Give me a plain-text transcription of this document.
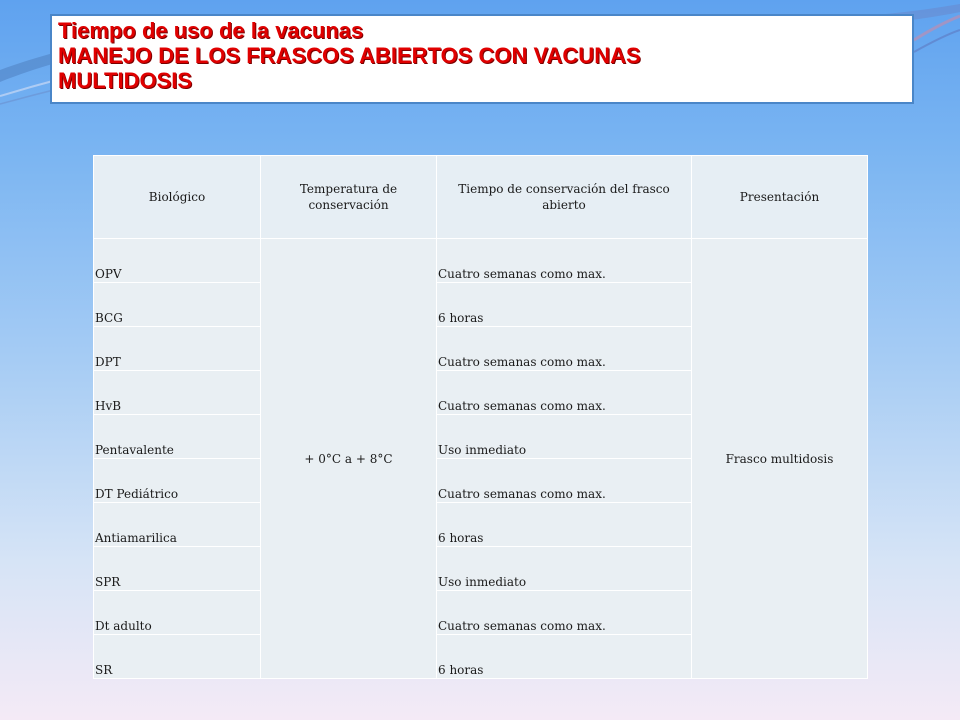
Tiempo de uso de la vacunas
MANEJO DE LOS FRASCOS ABIERTOS CON VACUNAS
MULTIDOSIS
Biológico	Temperatura de conservación	Tiempo de conservación del frasco abierto	Presentación
OPV	+ 0°C a + 8°C	Cuatro semanas como max.	Frasco multidosis
BCG		6 horas	
DPT		Cuatro semanas como max.	
HvB		Cuatro semanas como max.	
Pentavalente		Uso inmediato	
DT Pediátrico		Cuatro semanas como max.	
Antiamarilica		6 horas	
SPR		Uso inmediato	
Dt adulto		Cuatro semanas como max.	
SR		6 horas	
